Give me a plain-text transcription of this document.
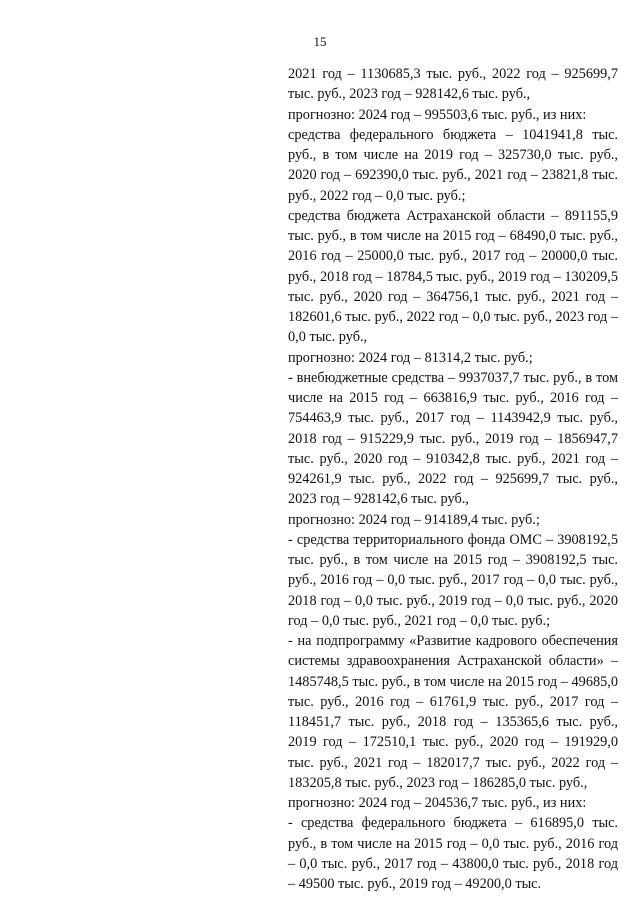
15

2021 год – 1130685,3 тыс. руб., 2022 год – 925699,7 тыс. руб., 2023 год – 928142,6 тыс. руб.,

прогнозно: 2024 год – 995503,6 тыс. руб., из них:

средства федерального бюджета – 1041941,8 тыс. руб., в том числе на 2019 год – 325730,0 тыс. руб., 2020 год – 692390,0 тыс. руб., 2021 год – 23821,8 тыс. руб., 2022 год – 0,0 тыс. руб.;

средства бюджета Астраханской области – 891155,9 тыс. руб., в том числе на 2015 год – 68490,0 тыс. руб., 2016 год – 25000,0 тыс. руб., 2017 год – 20000,0 тыс. руб., 2018 год – 18784,5 тыс. руб., 2019 год – 130209,5 тыс. руб., 2020 год – 364756,1 тыс. руб., 2021 год – 182601,6 тыс. руб., 2022 год – 0,0 тыс. руб., 2023 год – 0,0 тыс. руб.,

прогнозно: 2024 год – 81314,2 тыс. руб.;

- внебюджетные средства – 9937037,7 тыс. руб., в том числе на 2015 год – 663816,9 тыс. руб., 2016 год – 754463,9 тыс. руб., 2017 год – 1143942,9 тыс. руб., 2018 год – 915229,9 тыс. руб., 2019 год – 1856947,7 тыс. руб., 2020 год – 910342,8 тыс. руб., 2021 год – 924261,9 тыс. руб., 2022 год – 925699,7 тыс. руб., 2023 год – 928142,6 тыс. руб.,

прогнозно: 2024 год – 914189,4 тыс. руб.;

- средства территориального фонда ОМС – 3908192,5 тыс. руб., в том числе на 2015 год – 3908192,5 тыс. руб., 2016 год – 0,0 тыс. руб., 2017 год – 0,0 тыс. руб., 2018 год – 0,0 тыс. руб., 2019 год – 0,0 тыс. руб., 2020 год – 0,0 тыс. руб., 2021 год – 0,0 тыс. руб.;

- на подпрограмму «Развитие кадрового обеспечения системы здравоохранения Астраханской области» – 1485748,5 тыс. руб., в том числе на 2015 год – 49685,0 тыс. руб., 2016 год – 61761,9 тыс. руб., 2017 год – 118451,7 тыс. руб., 2018 год – 135365,6 тыс. руб., 2019 год – 172510,1 тыс. руб., 2020 год – 191929,0 тыс. руб., 2021 год – 182017,7 тыс. руб., 2022 год – 183205,8 тыс. руб., 2023 год – 186285,0 тыс. руб.,

прогнозно: 2024 год – 204536,7 тыс. руб., из них:

- средства федерального бюджета – 616895,0 тыс. руб., в том числе на 2015 год – 0,0 тыс. руб., 2016 год – 0,0 тыс. руб., 2017 год – 43800,0 тыс. руб., 2018 год – 49500 тыс. руб., 2019 год – 49200,0 тыс.
